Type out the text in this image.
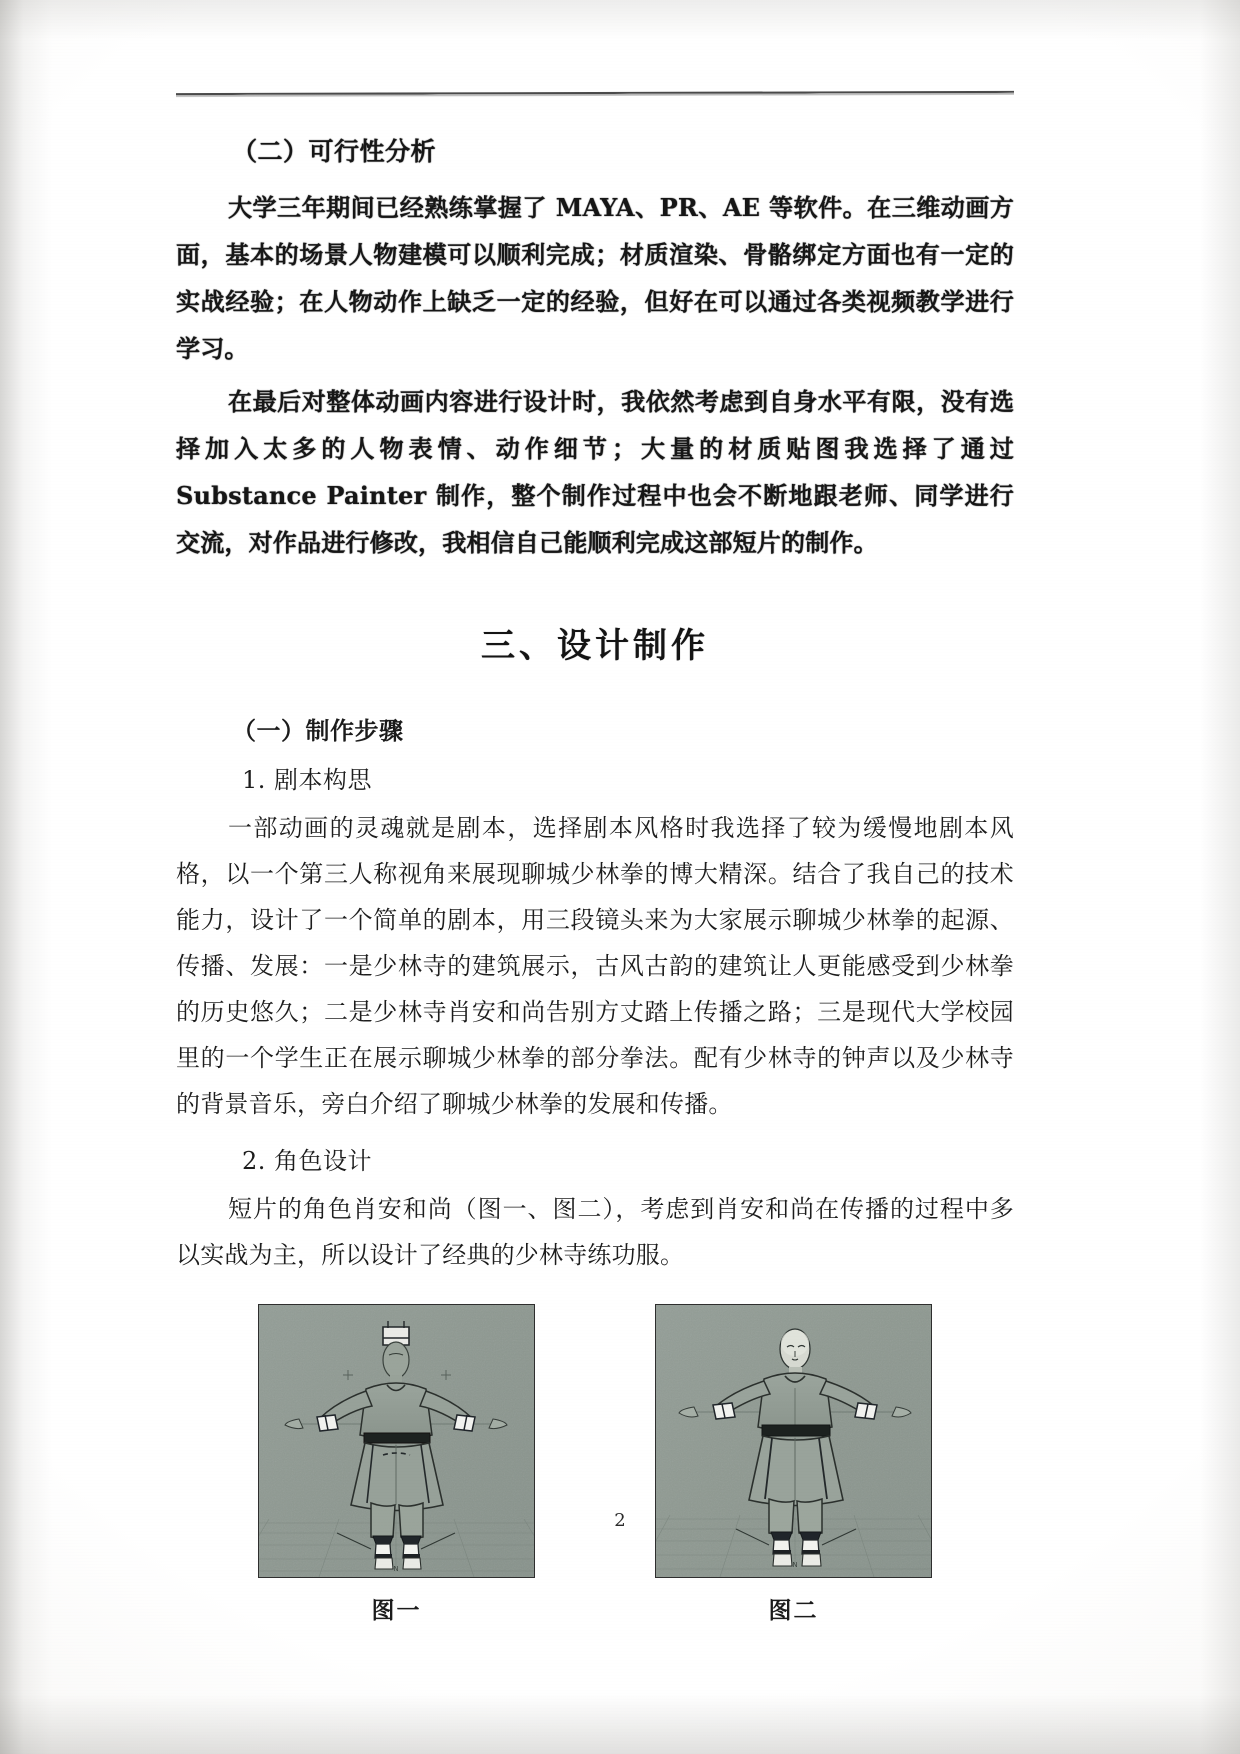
（二）可行性分析

大学三年期间已经熟练掌握了 MAYA、PR、AE 等软件。在三维动画方面，基本的场景人物建模可以顺利完成；材质渲染、骨骼绑定方面也有一定的实战经验；在人物动作上缺乏一定的经验，但好在可以通过各类视频教学进行学习。

在最后对整体动画内容进行设计时，我依然考虑到自身水平有限，没有选择加入太多的人物表情、动作细节；大量的材质贴图我选择了通过 Substance Painter 制作，整个制作过程中也会不断地跟老师、同学进行交流，对作品进行修改，我相信自己能顺利完成这部短片的制作。

三、设计制作
（一）制作步骤
1. 剧本构思

一部动画的灵魂就是剧本，选择剧本风格时我选择了较为缓慢地剧本风格，以一个第三人称视角来展现聊城少林拳的博大精深。结合了我自己的技术能力，设计了一个简单的剧本，用三段镜头来为大家展示聊城少林拳的起源、传播、发展：一是少林寺的建筑展示，古风古韵的建筑让人更能感受到少林拳的历史悠久；二是少林寺肖安和尚告别方丈踏上传播之路；三是现代大学校园里的一个学生正在展示聊城少林拳的部分拳法。配有少林寺的钟声以及少林寺的背景音乐，旁白介绍了聊城少林拳的发展和传播。

2. 角色设计

短片的角色肖安和尚（图一、图二），考虑到肖安和尚在传播的过程中多以实战为主，所以设计了经典的少林寺练功服。

N
图一
N
图二
2
